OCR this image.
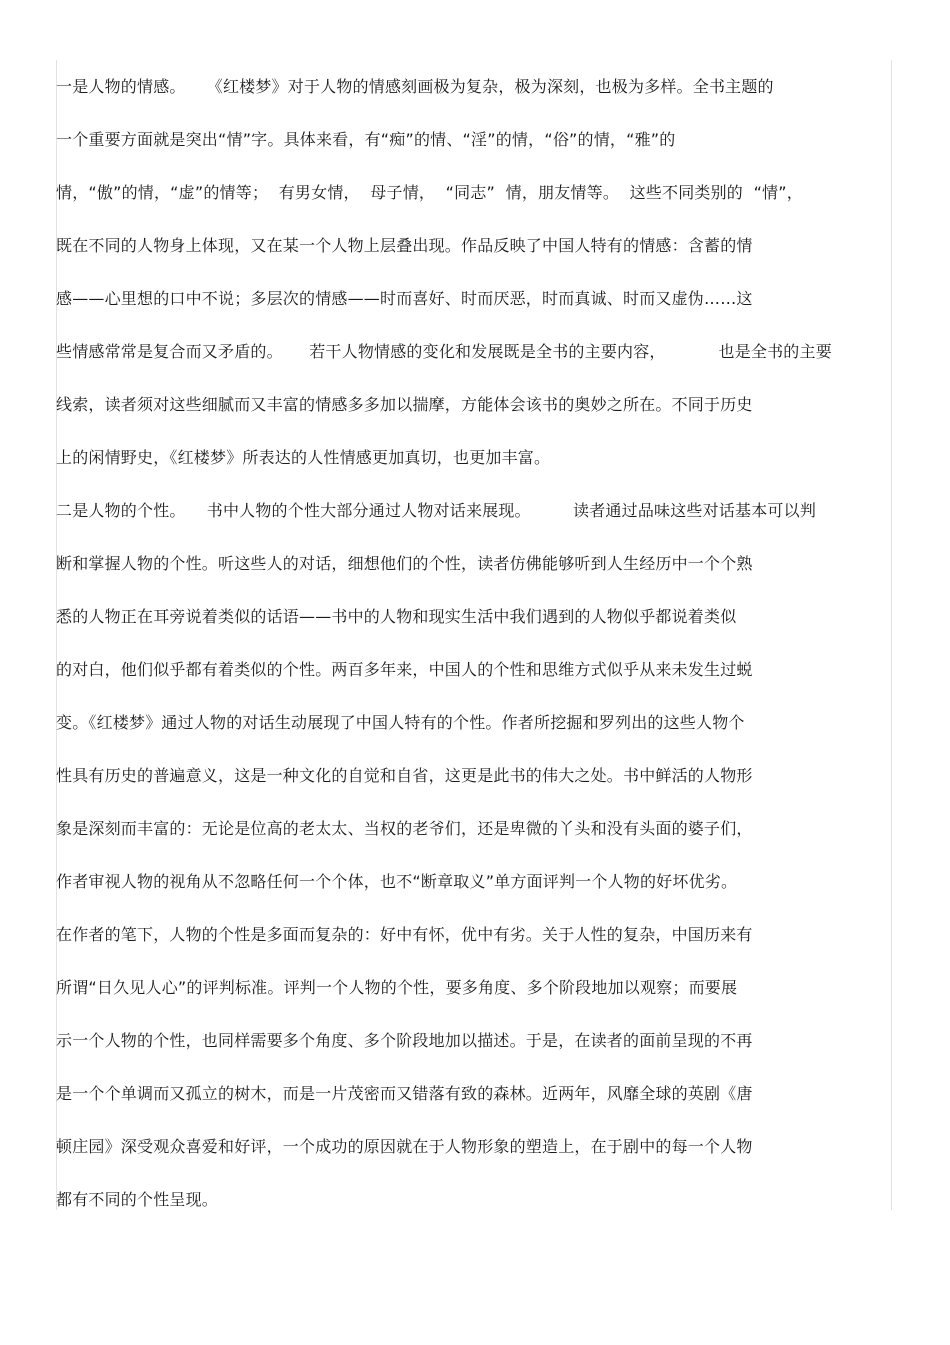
一是人物的情感。    《红楼梦》对于人物的情感刻画极为复杂，极为深刻，也极为多样。全书主题的
一个重要方面就是突出“情”字。具体来看，有“痴”的情、“淫”的情，“俗”的情，“雅”的
情，“傲”的情，“虚”的情等；  有男女情，  母子情，  “同志”  情，朋友情等。  这些不同类别的  “情”，
既在不同的人物身上体现，又在某一个人物上层叠出现。作品反映了中国人特有的情感：含蓄的情
感——心里想的口中不说；多层次的情感——时而喜好、时而厌恶，时而真诚、时而又虚伪……这
些情感常常是复合而又矛盾的。     若干人物情感的变化和发展既是全书的主要内容，          也是全书的主要
线索，读者须对这些细腻而又丰富的情感多多加以揣摩，方能体会该书的奥妙之所在。不同于历史
上的闲情野史，《红楼梦》所表达的人性情感更加真切，也更加丰富。
二是人物的个性。    书中人物的个性大部分通过人物对话来展现。        读者通过品味这些对话基本可以判
断和掌握人物的个性。听这些人的对话，细想他们的个性，读者仿佛能够听到人生经历中一个个熟
悉的人物正在耳旁说着类似的话语——书中的人物和现实生活中我们遇到的人物似乎都说着类似
的对白，他们似乎都有着类似的个性。两百多年来，中国人的个性和思维方式似乎从来未发生过蜕
变。《红楼梦》通过人物的对话生动展现了中国人特有的个性。作者所挖掘和罗列出的这些人物个
性具有历史的普遍意义，这是一种文化的自觉和自省，这更是此书的伟大之处。书中鲜活的人物形
象是深刻而丰富的：无论是位高的老太太、当权的老爷们，还是卑微的丫头和没有头面的婆子们，
作者审视人物的视角从不忽略任何一个个体，也不“断章取义”单方面评判一个人物的好坏优劣。
在作者的笔下，人物的个性是多面而复杂的：好中有怀，优中有劣。关于人性的复杂，中国历来有
所谓“日久见人心”的评判标准。评判一个人物的个性，要多角度、多个阶段地加以观察；而要展
示一个人物的个性，也同样需要多个角度、多个阶段地加以描述。于是，在读者的面前呈现的不再
是一个个单调而又孤立的树木，而是一片茂密而又错落有致的森林。近两年，风靡全球的英剧《唐
顿庄园》深受观众喜爱和好评，一个成功的原因就在于人物形象的塑造上，在于剧中的每一个人物
都有不同的个性呈现。
